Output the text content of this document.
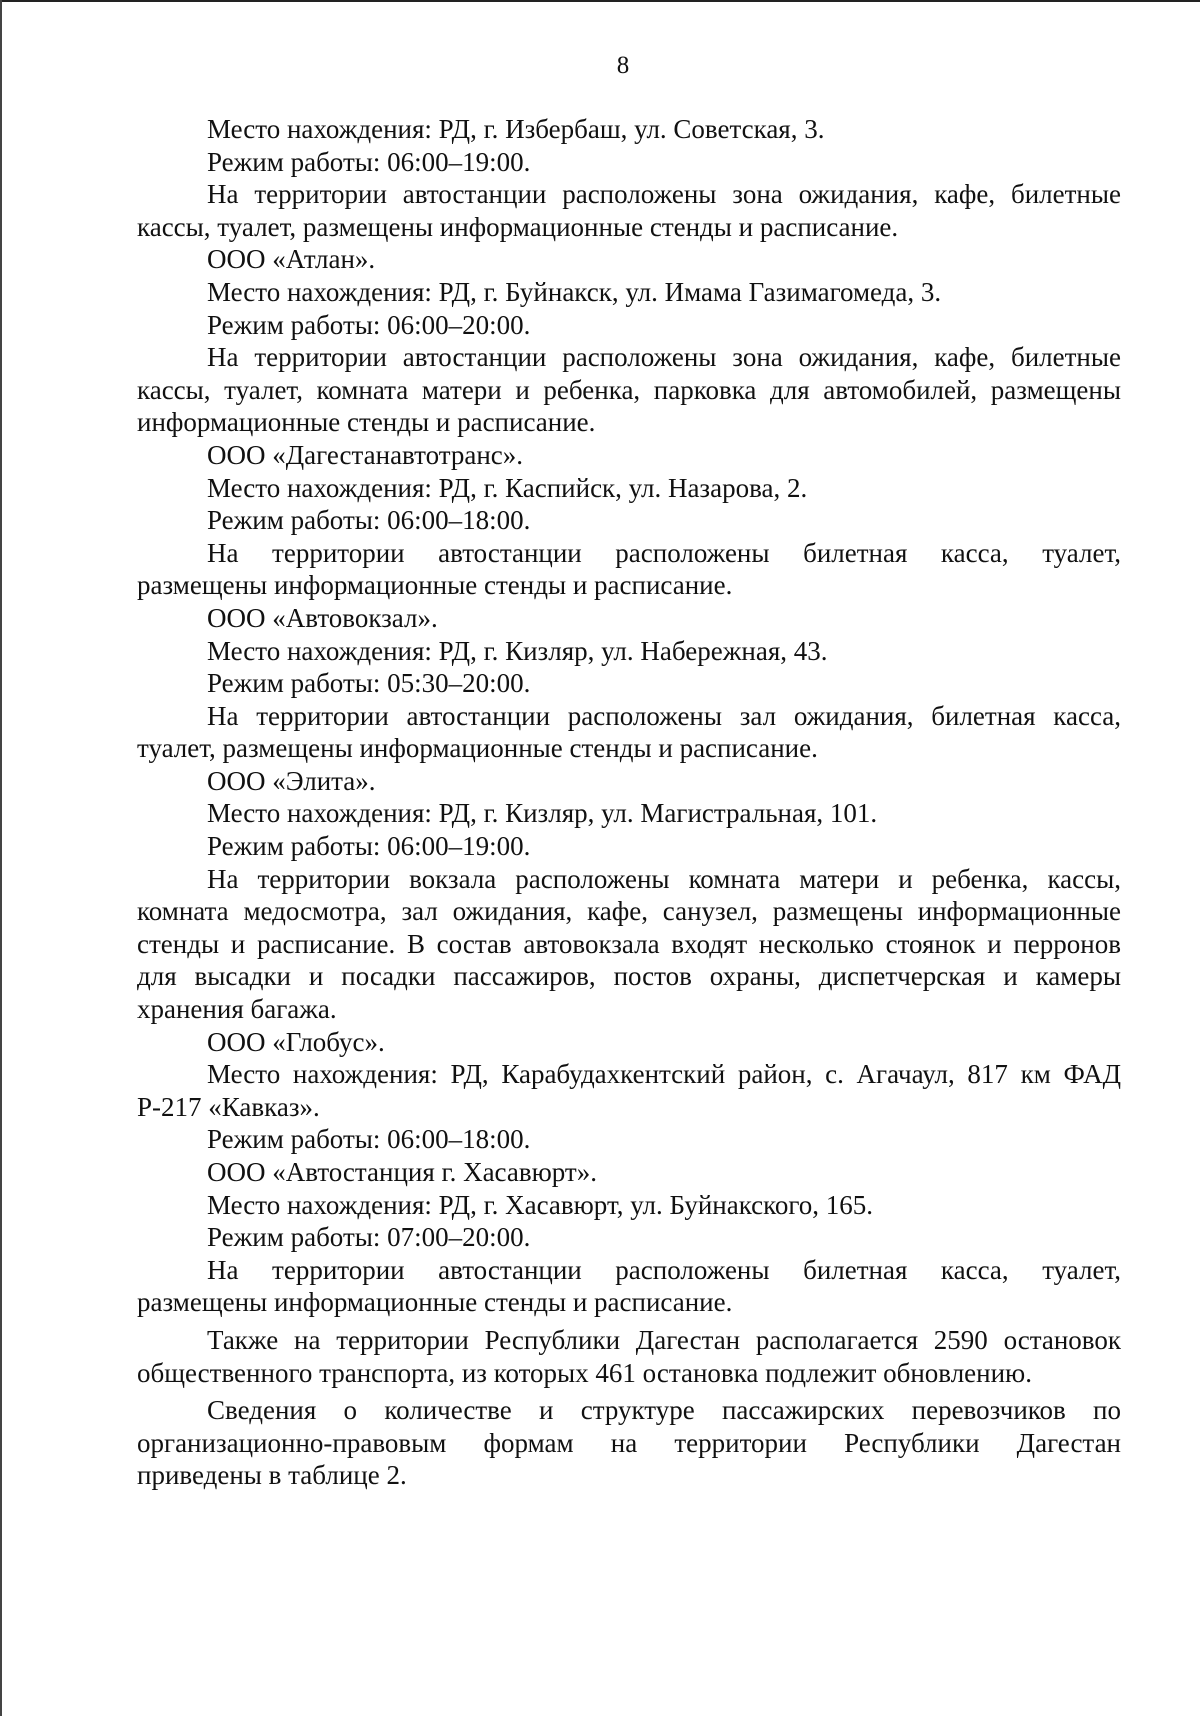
8
Место нахождения: РД, г. Избербаш, ул. Советская, 3.
Режим работы: 06:00–19:00.
На территории автостанции расположены зона ожидания, кафе, билетные
кассы, туалет, размещены информационные стенды и расписание.
ООО «Атлан».
Место нахождения: РД, г. Буйнакск, ул. Имама Газимагомеда, 3.
Режим работы: 06:00–20:00.
На территории автостанции расположены зона ожидания, кафе, билетные
кассы, туалет, комната матери и ребенка, парковка для автомобилей, размещены
информационные стенды и расписание.
ООО «Дагестанавтотранс».
Место нахождения: РД, г. Каспийск, ул. Назарова, 2.
Режим работы: 06:00–18:00.
На территории автостанции расположены билетная касса, туалет,
размещены информационные стенды и расписание.
ООО «Автовокзал».
Место нахождения: РД, г. Кизляр, ул. Набережная, 43.
Режим работы: 05:30–20:00.
На территории автостанции расположены зал ожидания, билетная касса,
туалет, размещены информационные стенды и расписание.
ООО «Элита».
Место нахождения: РД, г. Кизляр, ул. Магистральная, 101.
Режим работы: 06:00–19:00.
На территории вокзала расположены комната матери и ребенка, кассы,
комната медосмотра, зал ожидания, кафе, санузел, размещены информационные
стенды и расписание. В состав автовокзала входят несколько стоянок и перронов
для высадки и посадки пассажиров, постов охраны, диспетчерская и камеры
хранения багажа.
ООО «Глобус».
Место нахождения: РД, Карабудахкентский район, с. Агачаул, 817 км ФАД
Р-217 «Кавказ».
Режим работы: 06:00–18:00.
ООО «Автостанция г. Хасавюрт».
Место нахождения: РД, г. Хасавюрт, ул. Буйнакского, 165.
Режим работы: 07:00–20:00.
На территории автостанции расположены билетная касса, туалет,
размещены информационные стенды и расписание.
Также на территории Республики Дагестан располагается 2590 остановок
общественного транспорта, из которых 461 остановка подлежит обновлению.
Сведения о количестве и структуре пассажирских перевозчиков по
организационно-правовым формам на территории Республики Дагестан
приведены в таблице 2.
